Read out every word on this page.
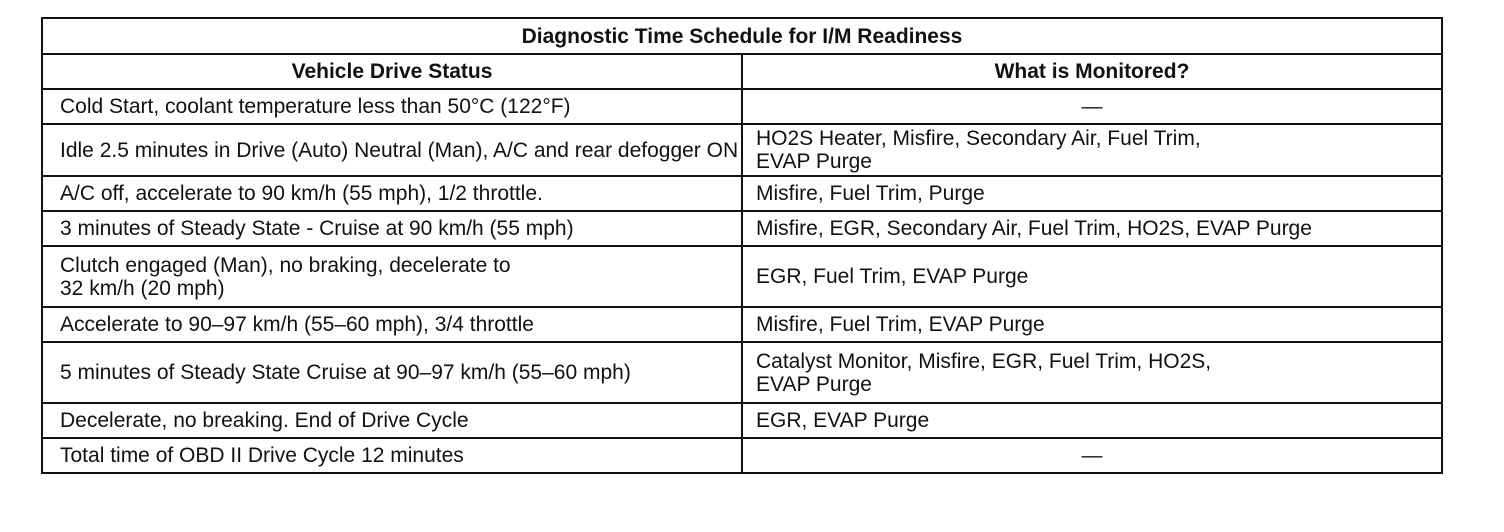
Diagnostic Time Schedule for I/M Readiness	
Vehicle Drive Status	What is Monitored?
Cold Start, coolant temperature less than 50°C (122°F)	—
Idle 2.5 minutes in Drive (Auto) Neutral (Man), A/C and rear defogger ON	HO2S Heater, Misfire, Secondary Air, Fuel Trim,
EVAP Purge
A/C off, accelerate to 90 km/h (55 mph), 1/2 throttle.	Misfire, Fuel Trim, Purge
3 minutes of Steady State - Cruise at 90 km/h (55 mph)	Misfire, EGR, Secondary Air, Fuel Trim, HO2S, EVAP Purge
Clutch engaged (Man), no braking, decelerate to
32 km/h (20 mph)	EGR, Fuel Trim, EVAP Purge
Accelerate to 90–97 km/h (55–60 mph), 3/4 throttle	Misfire, Fuel Trim, EVAP Purge
5 minutes of Steady State Cruise at 90–97 km/h (55–60 mph)	Catalyst Monitor, Misfire, EGR, Fuel Trim, HO2S,
EVAP Purge
Decelerate, no breaking. End of Drive Cycle	EGR, EVAP Purge
Total time of OBD II Drive Cycle 12 minutes	—
